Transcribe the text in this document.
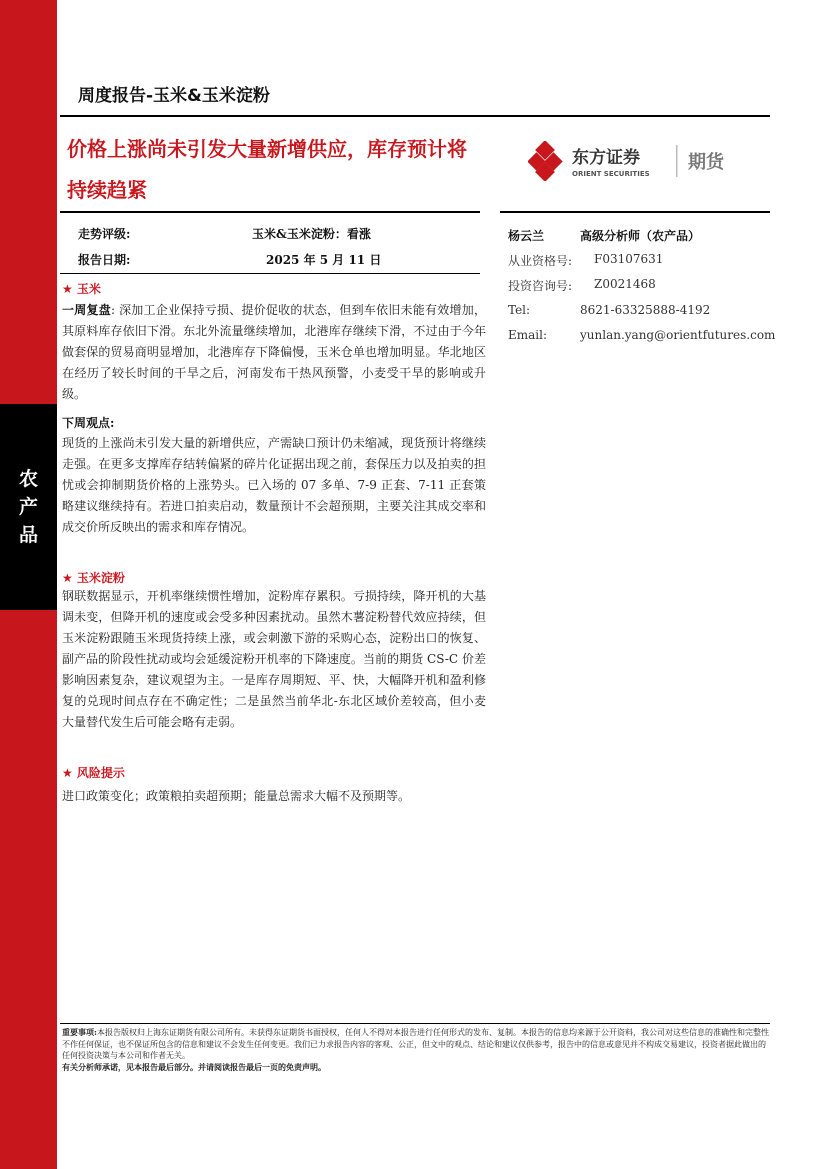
农
产
品
周度报告-玉米&玉米淀粉
价格上涨尚未引发大量新增供应，库存预计将
持续趋紧
东方证券
ORIENT SECURITIES
期货
走势评级:	玉米&玉米淀粉：看涨
报告日期:	2025 年 5 月 11 日
杨云兰	高级分析师（农产品）
从业资格号: F03107631
投资咨询号: Z0021468
Tel:	8621-63325888-4192
Email:	yunlan.yang@orientfutures.com
★ 玉米
一周复盘: 深加工企业保持亏损、提价促收的状态，但到车依旧未能有效增加，其原料库存依旧下滑。东北外流量继续增加，北港库存继续下滑，不过由于今年做套保的贸易商明显增加，北港库存下降偏慢，玉米仓单也增加明显。华北地区在经历了较长时间的干旱之后，河南发布干热风预警，小麦受干旱的影响或升级。
下周观点:
现货的上涨尚未引发大量的新增供应，产需缺口预计仍未缩减，现货预计将继续走强。在更多支撑库存结转偏紧的碎片化证据出现之前，套保压力以及拍卖的担忧或会抑制期货价格的上涨势头。已入场的 07 多单、7-9 正套、7-11 正套策略建议继续持有。若进口拍卖启动，数量预计不会超预期，主要关注其成交率和成交价所反映出的需求和库存情况。
★ 玉米淀粉
钢联数据显示，开机率继续惯性增加，淀粉库存累积。亏损持续，降开机的大基调未变，但降开机的速度或会受多种因素扰动。虽然木薯淀粉替代效应持续，但玉米淀粉跟随玉米现货持续上涨，或会刺激下游的采购心态，淀粉出口的恢复、副产品的阶段性扰动或均会延缓淀粉开机率的下降速度。当前的期货 CS-C 价差影响因素复杂，建议观望为主。一是库存周期短、平、快，大幅降开机和盈利修复的兑现时间点存在不确定性；二是虽然当前华北-东北区域价差较高，但小麦大量替代发生后可能会略有走弱。
★ 风险提示
进口政策变化；政策粮拍卖超预期；能量总需求大幅不及预期等。
重要事项:本报告版权归上海东证期货有限公司所有。未获得东证期货书面授权，任何人不得对本报告进行任何形式的发布、复制。本报告的信息均来源于公开资料，我公司对这些信息的准确性和完整性不作任何保证，也不保证所包含的信息和建议不会发生任何变更。我们已力求报告内容的客观、公正，但文中的观点、结论和建议仅供参考，报告中的信息或意见并不构成交易建议，投资者据此做出的任何投资决策与本公司和作者无关。
有关分析师承诺，见本报告最后部分。并请阅读报告最后一页的免责声明。
